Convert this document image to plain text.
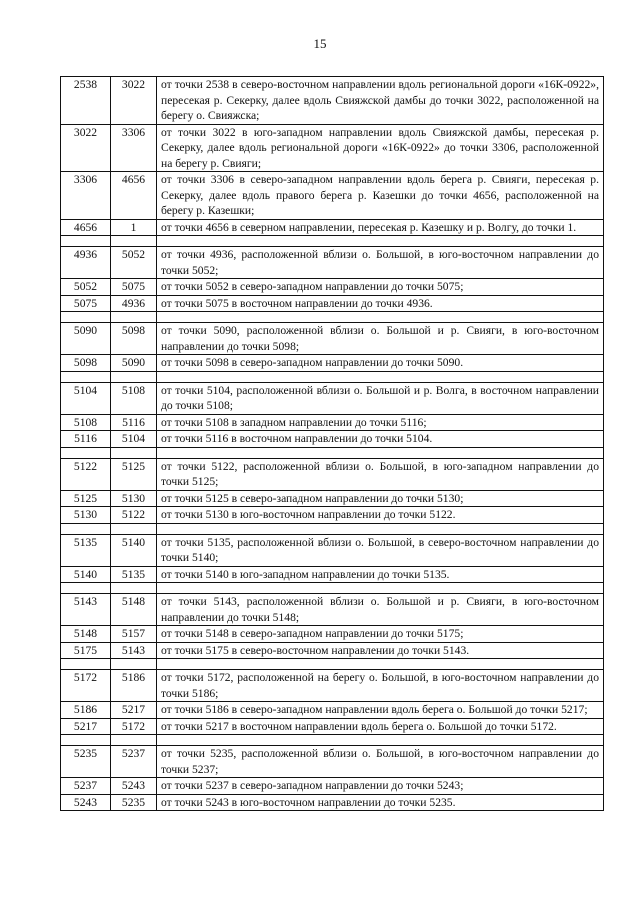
15
2538	3022	от точки 2538 в северо-восточном направлении вдоль региональной дороги «16К-0922», пересекая р. Секерку, далее вдоль Свияжской дамбы до точки 3022, расположенной на берегу о. Свияжска;
3022	3306	от точки 3022 в юго-западном направлении вдоль Свияжской дамбы, пересекая р. Секерку, далее вдоль региональной дороги «16К-0922» до точки 3306, расположенной на берегу р. Свияги;
3306	4656	от точки 3306 в северо-западном направлении вдоль берега р. Свияги, пересекая р. Секерку, далее вдоль правого берега р. Казешки до точки 4656, расположенной на берегу р. Казешки;
4656	1	от точки 4656 в северном направлении, пересекая р. Казешку и р. Волгу, до точки 1.

4936	5052	от точки 4936, расположенной вблизи о. Большой, в юго-восточном направлении до точки 5052;
5052	5075	от точки 5052 в северо-западном направлении до точки 5075;
5075	4936	от точки 5075 в восточном направлении до точки 4936.

5090	5098	от точки 5090, расположенной вблизи о. Большой и р. Свияги, в юго-восточном направлении до точки 5098;
5098	5090	от точки 5098 в северо-западном направлении до точки 5090.

5104	5108	от точки 5104, расположенной вблизи о. Большой и р. Волга, в восточном направлении до точки 5108;
5108	5116	от точки 5108 в западном направлении до точки 5116;
5116	5104	от точки 5116 в восточном направлении до точки 5104.

5122	5125	от точки 5122, расположенной вблизи о. Большой, в юго-западном направлении до точки 5125;
5125	5130	от точки 5125 в северо-западном направлении до точки 5130;
5130	5122	от точки 5130 в юго-восточном направлении до точки 5122.

5135	5140	от точки 5135, расположенной вблизи о. Большой, в северо-восточном направлении до точки 5140;
5140	5135	от точки 5140 в юго-западном направлении до точки 5135.

5143	5148	от точки 5143, расположенной вблизи о. Большой и р. Свияги, в юго-восточном направлении до точки 5148;
5148	5157	от точки 5148 в северо-западном направлении до точки 5175;
5175	5143	от точки 5175 в северо-восточном направлении до точки 5143.

5172	5186	от точки 5172, расположенной на берегу о. Большой, в юго-восточном направлении до точки 5186;
5186	5217	от точки 5186 в северо-западном направлении вдоль берега о. Большой до точки 5217;
5217	5172	от точки 5217 в восточном направлении вдоль берега о. Большой до точки 5172.

5235	5237	от точки 5235, расположенной вблизи о. Большой, в юго-восточном направлении до точки 5237;
5237	5243	от точки 5237 в северо-западном направлении до точки 5243;
5243	5235	от точки 5243 в юго-восточном направлении до точки 5235.
